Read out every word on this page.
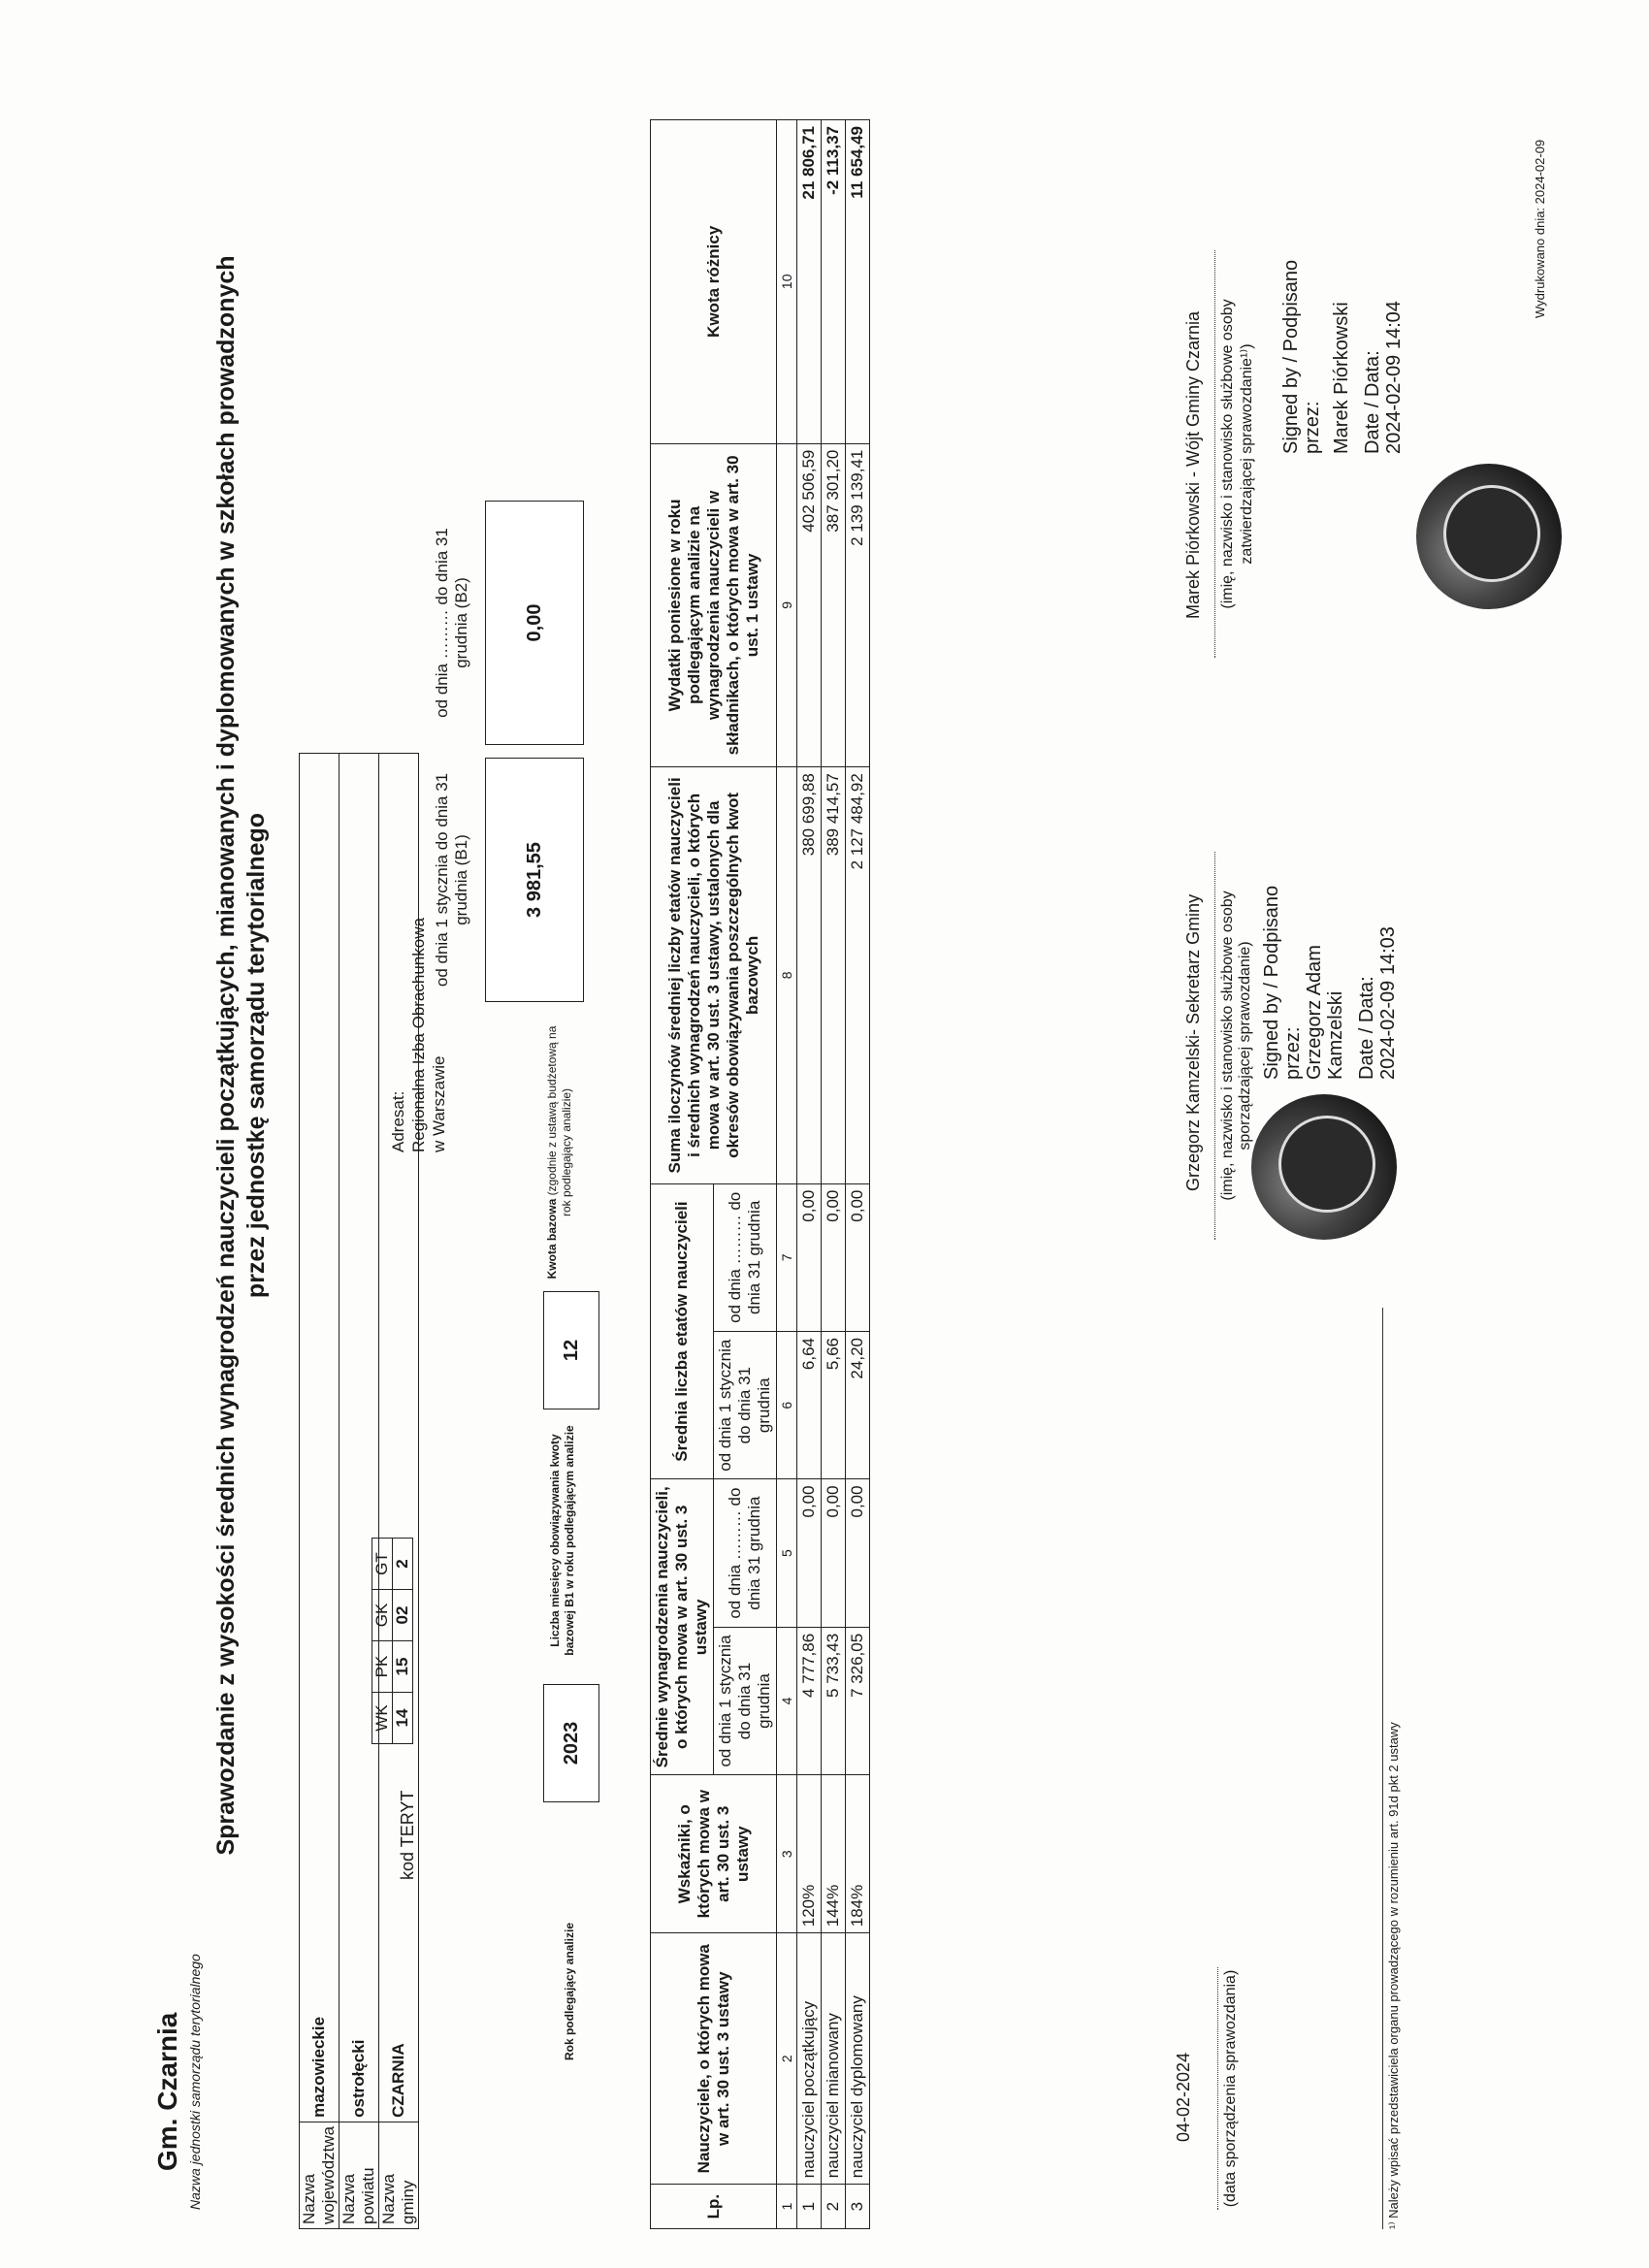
Gm. Czarnia Nazwa jednostki samorządu terytorialnego
Sprawozdanie z wysokości średnich wynagrodzeń nauczycieli początkujących, mianowanych i dyplomowanych w szkołach prowadzonych przez jednostkę samorządu terytorialnego
Nazwa województwa	mazowieckie
Nazwa powiatu	ostrołęcki
Nazwa gminy	CZARNIA
kod TERYT
WK	PK	GK	GT
14	15	02	2
Adresat: Regionalna Izba Obrachunkowa w Warszawie
Rok podlegający analizie
2023
Liczba miesięcy obowiązywania kwoty bazowej B1 w roku podlegającym analizie
12
Kwota bazowa (zgodnie z ustawą budżetową na rok podlegający analizie)
od dnia 1 stycznia do dnia 31 grudnia (B1)	3 981,55
od dnia ……… do dnia 31 grudnia (B2)	0,00
Lp.	Nauczyciele, o których mowa w art. 30 ust. 3 ustawy	Wskaźniki, o których mowa w art. 30 ust. 3 ustawy	Średnie wynagrodzenia nauczycieli, o których mowa w art. 30 ust. 3 ustawy		Średnia liczba etatów nauczycieli		Suma iloczynów średniej liczby etatów nauczycieli i średnich wynagrodzeń nauczycieli, o których mowa w art. 30 ust. 3 ustawy, ustalonych dla okresów obowiązywania poszczególnych kwot bazowych	Wydatki poniesione w roku podlegającym analizie na wynagrodzenia nauczycieli w składnikach, o których mowa w art. 30 ust. 1 ustawy	Kwota różnicy
			od dnia 1 stycznia do dnia 31 grudnia	od dnia ……… do dnia 31 grudnia	od dnia 1 stycznia do dnia 31 grudnia	od dnia ……… do dnia 31 grudnia			
1	2	3	4	5	6	7	8	9	10
1	nauczyciel początkujący	120%	4 777,86	0,00	6,64	0,00	380 699,88	402 506,59	21 806,71
2	nauczyciel mianowany	144%	5 733,43	0,00	5,66	0,00	389 414,57	387 301,20	-2 113,37
3	nauczyciel dyplomowany	184%	7 326,05	0,00	24,20	0,00	2 127 484,92	2 139 139,41	11 654,49
04-02-2024	(data sporządzenia sprawozdania)
Grzegorz Kamzelski- Sekretarz Gminy	(imię, nazwisko i stanowisko służbowe osoby sporządzającej sprawozdanie) Signed by / Podpisano przez: Grzegorz Adam Kamzelski Date / Data: 2024-02-09 14:03
Marek Piórkowski - Wójt Gminy Czarnia	(imię, nazwisko i stanowisko służbowe osoby zatwierdzającej sprawozdanie¹⁾) Signed by / Podpisano przez: Marek Piórkowski Date / Data: 2024-02-09 14:04
¹⁾ Należy wpisać przedstawiciela organu prowadzącego w rozumieniu art. 91d pkt 2 ustawy
Wydrukowano dnia: 2024-02-09
